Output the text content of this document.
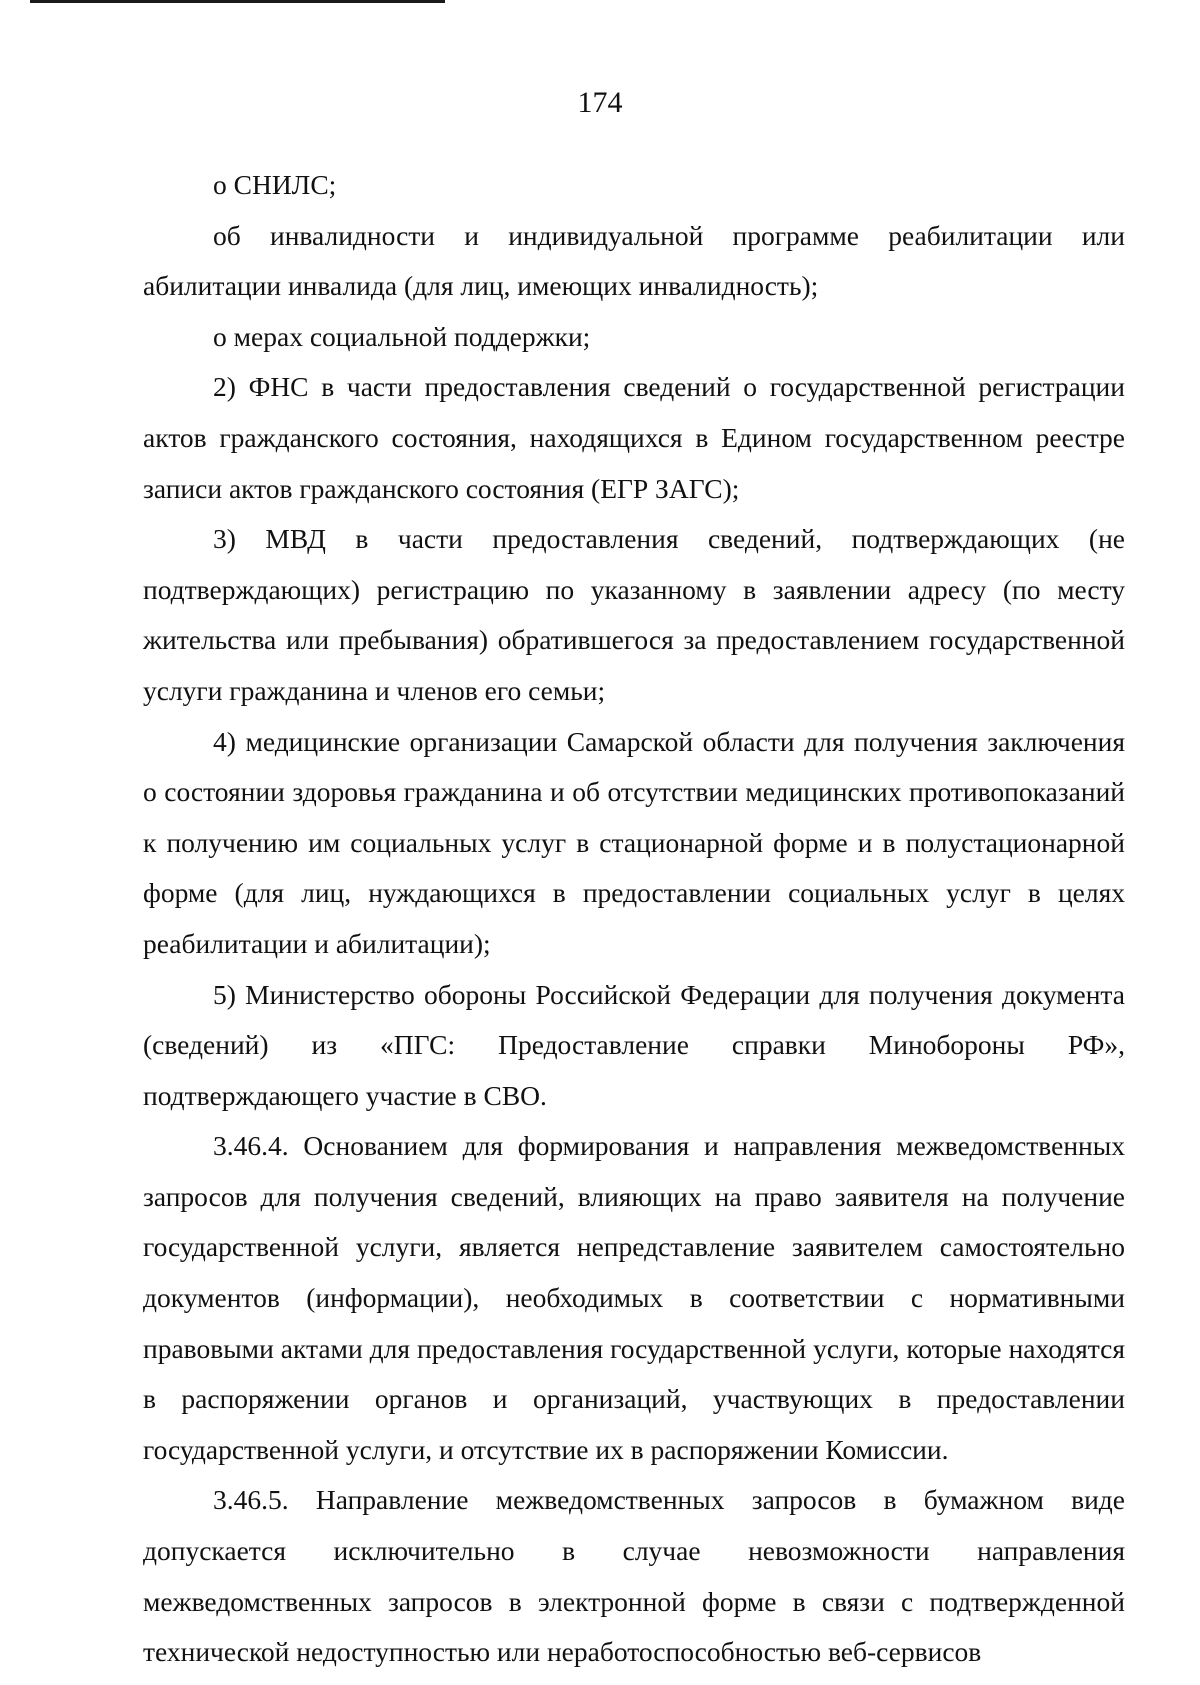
174

о СНИЛС;

об инвалидности и индивидуальной программе реабилитации или абилитации инвалида (для лиц, имеющих инвалидность);

о мерах социальной поддержки;

2) ФНС в части предоставления сведений о государственной регистрации актов гражданского состояния, находящихся в Едином государственном реестре записи актов гражданского состояния (ЕГР ЗАГС);

3) МВД в части предоставления сведений, подтверждающих (не подтверждающих) регистрацию по указанному в заявлении адресу (по месту жительства или пребывания) обратившегося за предоставлением государственной услуги гражданина и членов его семьи;

4) медицинские организации Самарской области для получения заключения о состоянии здоровья гражданина и об отсутствии медицинских противопоказаний к получению им социальных услуг в стационарной форме и в полустационарной форме (для лиц, нуждающихся в предоставлении социальных услуг в целях реабилитации и абилитации);

5) Министерство обороны Российской Федерации для получения документа (сведений) из «ПГС: Предоставление справки Минобороны РФ», подтверждающего участие в СВО.

3.46.4. Основанием для формирования и направления межведомственных запросов для получения сведений, влияющих на право заявителя на получение государственной услуги, является непредставление заявителем самостоятельно документов (информации), необходимых в соответствии с нормативными правовыми актами для предоставления государственной услуги, которые находятся в распоряжении органов и организаций, участвующих в предоставлении государственной услуги, и отсутствие их в распоряжении Комиссии.

3.46.5. Направление межведомственных запросов в бумажном виде допускается исключительно в случае невозможности направления межведомственных запросов в электронной форме в связи с подтвержденной технической недоступностью или неработоспособностью веб-сервисов
